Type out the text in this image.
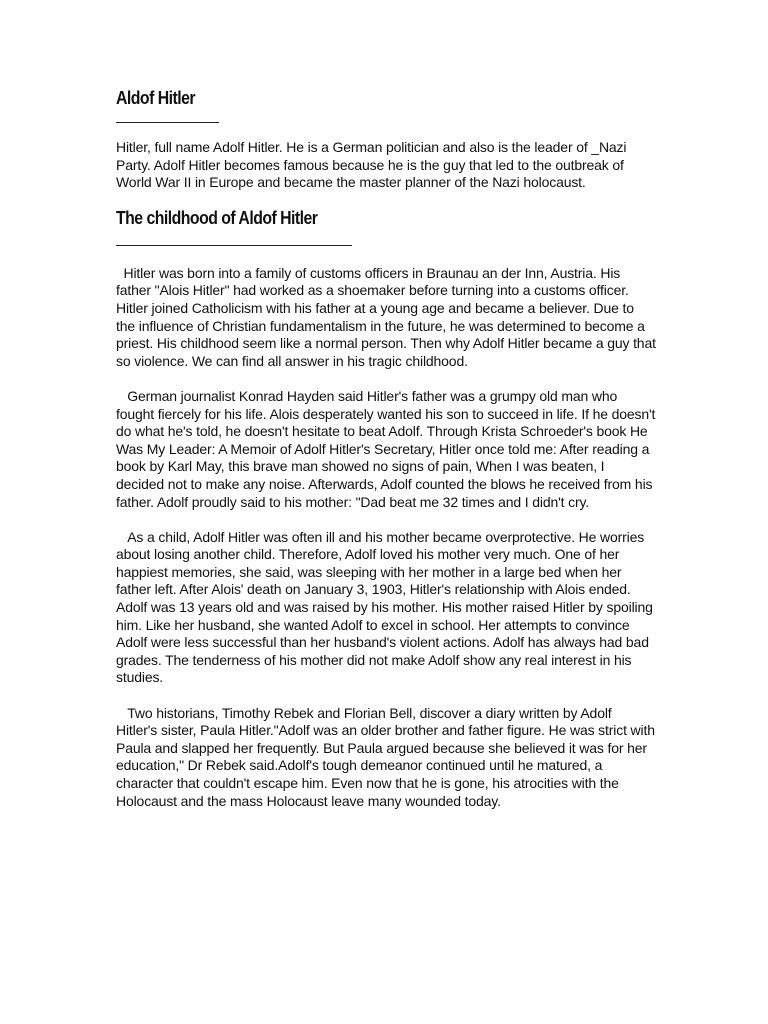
Aldof Hitler

Hitler, full name Adolf Hitler. He is a German politician and also is the leader of _Nazi Party. Adolf Hitler becomes famous because he is the guy that led to the outbreak of World War II in Europe and became the master planner of the Nazi holocaust.

The childhood of Aldof Hitler

Hitler was born into a family of customs officers in Braunau an der Inn, Austria. His father "Alois Hitler" had worked as a shoemaker before turning into a customs officer. Hitler joined Catholicism with his father at a young age and became a believer. Due to the influence of Christian fundamentalism in the future, he was determined to become a priest. His childhood seem like a normal person. Then why Adolf Hitler became a guy that so violence. We can find all answer in his tragic childhood.

German journalist Konrad Hayden said Hitler's father was a grumpy old man who fought fiercely for his life. Alois desperately wanted his son to succeed in life. If he doesn't do what he's told, he doesn't hesitate to beat Adolf. Through Krista Schroeder's book He Was My Leader: A Memoir of Adolf Hitler's Secretary, Hitler once told me: After reading a book by Karl May, this brave man showed no signs of pain, When I was beaten, I decided not to make any noise. Afterwards, Adolf counted the blows he received from his father. Adolf proudly said to his mother: "Dad beat me 32 times and I didn't cry.

As a child, Adolf Hitler was often ill and his mother became overprotective. He worries about losing another child. Therefore, Adolf loved his mother very much. One of her happiest memories, she said, was sleeping with her mother in a large bed when her father left. After Alois' death on January 3, 1903, Hitler's relationship with Alois ended. Adolf was 13 years old and was raised by his mother. His mother raised Hitler by spoiling him. Like her husband, she wanted Adolf to excel in school. Her attempts to convince Adolf were less successful than her husband's violent actions. Adolf has always had bad grades. The tenderness of his mother did not make Adolf show any real interest in his studies.

Two historians, Timothy Rebek and Florian Bell, discover a diary written by Adolf Hitler's sister, Paula Hitler."Adolf was an older brother and father figure. He was strict with Paula and slapped her frequently. But Paula argued because she believed it was for her education," Dr Rebek said.Adolf's tough demeanor continued until he matured, a character that couldn't escape him. Even now that he is gone, his atrocities with the Holocaust and the mass Holocaust leave many wounded today.
